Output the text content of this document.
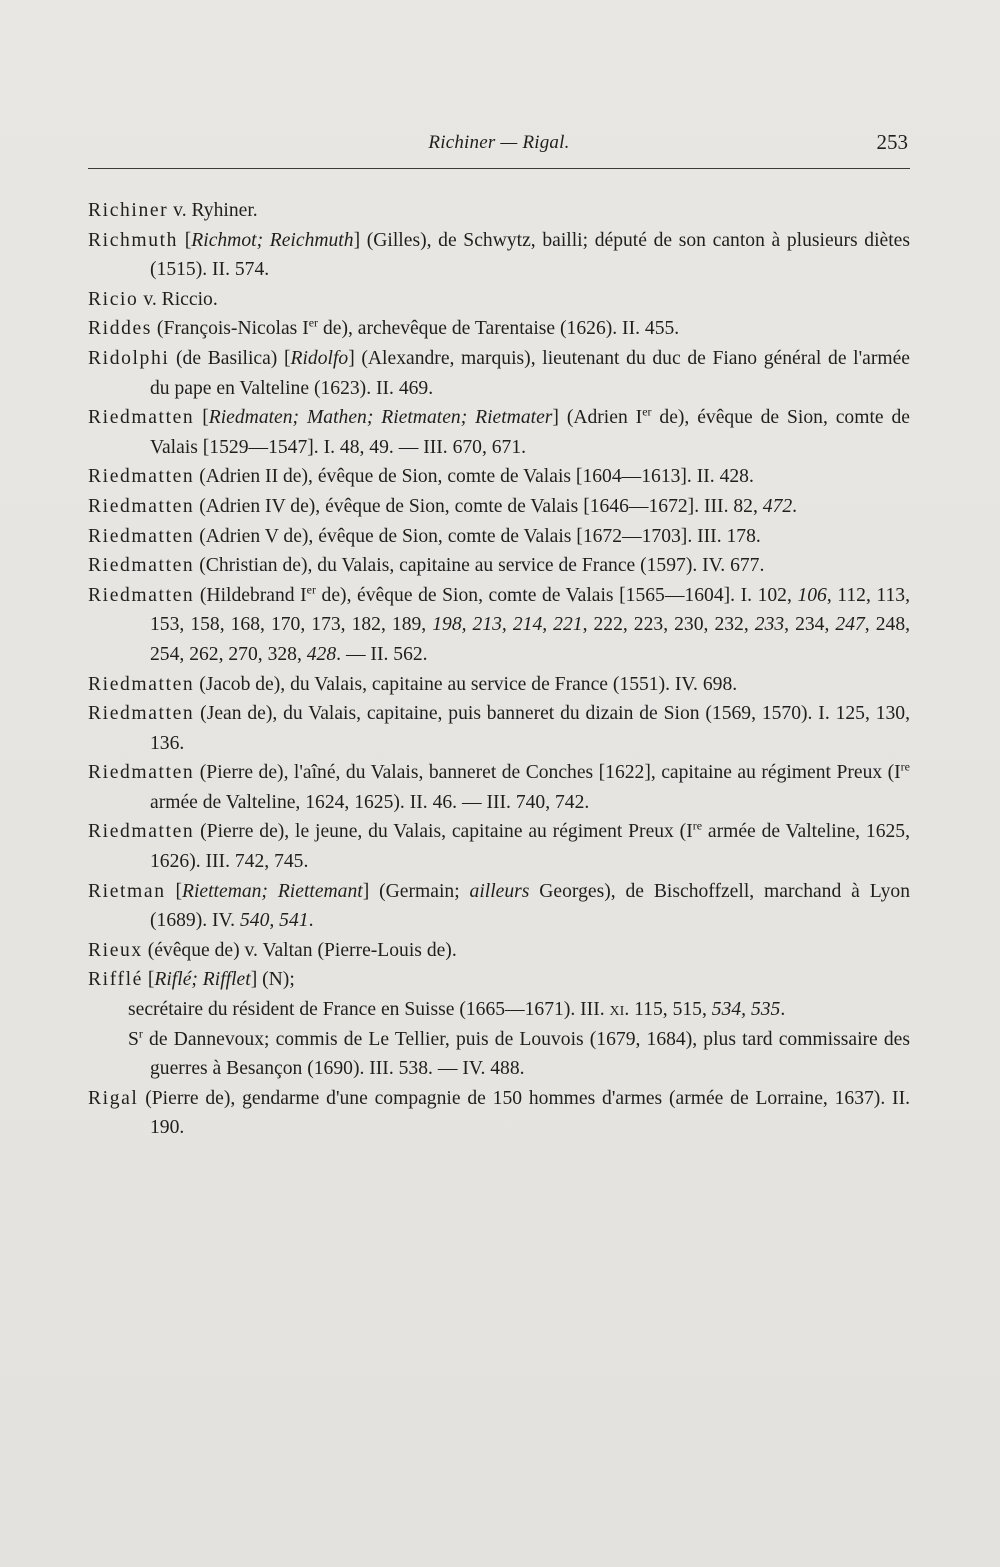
Richiner — Rigal.	253

Richiner v. Ryhiner.

Richmuth [Richmot; Reichmuth] (Gilles), de Schwytz, bailli; député de son canton à plusieurs diètes (1515). II. 574.

Ricio v. Riccio.

Riddes (François-Nicolas Ier de), archevêque de Tarentaise (1626). II. 455.

Ridolphi (de Basilica) [Ridolfo] (Alexandre, marquis), lieutenant du duc de Fiano général de l'armée du pape en Valteline (1623). II. 469.

Riedmatten [Riedmaten; Mathen; Rietmaten; Rietmater] (Adrien Ier de), évêque de Sion, comte de Valais [1529—1547]. I. 48, 49. — III. 670, 671.

Riedmatten (Adrien II de), évêque de Sion, comte de Valais [1604—1613]. II. 428.

Riedmatten (Adrien IV de), évêque de Sion, comte de Valais [1646—1672]. III. 82, 472.

Riedmatten (Adrien V de), évêque de Sion, comte de Valais [1672—1703]. III. 178.

Riedmatten (Christian de), du Valais, capitaine au service de France (1597). IV. 677.

Riedmatten (Hildebrand Ier de), évêque de Sion, comte de Valais [1565—1604]. I. 102, 106, 112, 113, 153, 158, 168, 170, 173, 182, 189, 198, 213, 214, 221, 222, 223, 230, 232, 233, 234, 247, 248, 254, 262, 270, 328, 428. — II. 562.

Riedmatten (Jacob de), du Valais, capitaine au service de France (1551). IV. 698.

Riedmatten (Jean de), du Valais, capitaine, puis banneret du dizain de Sion (1569, 1570). I. 125, 130, 136.

Riedmatten (Pierre de), l'aîné, du Valais, banneret de Conches [1622], capitaine au régiment Preux (Ire armée de Valteline, 1624, 1625). II. 46. — III. 740, 742.

Riedmatten (Pierre de), le jeune, du Valais, capitaine au régiment Preux (Ire armée de Valteline, 1625, 1626). III. 742, 745.

Rietman [Rietteman; Riettemant] (Germain; ailleurs Georges), de Bischoffzell, marchand à Lyon (1689). IV. 540, 541.

Rieux (évêque de) v. Valtan (Pierre-Louis de).

Rifflé [Riflé; Rifflet] (N);

secrétaire du résident de France en Suisse (1665—1671). III. xi. 115, 515, 534, 535.

$S^r$ de Dannevoux; commis de Le Tellier, puis de Louvois (1679, 1684), plus tard commissaire des guerres à Besançon (1690). III. 538. — IV. 488.

Rigal (Pierre de), gendarme d'une compagnie de 150 hommes d'armes (armée de Lorraine, 1637). II. 190.
